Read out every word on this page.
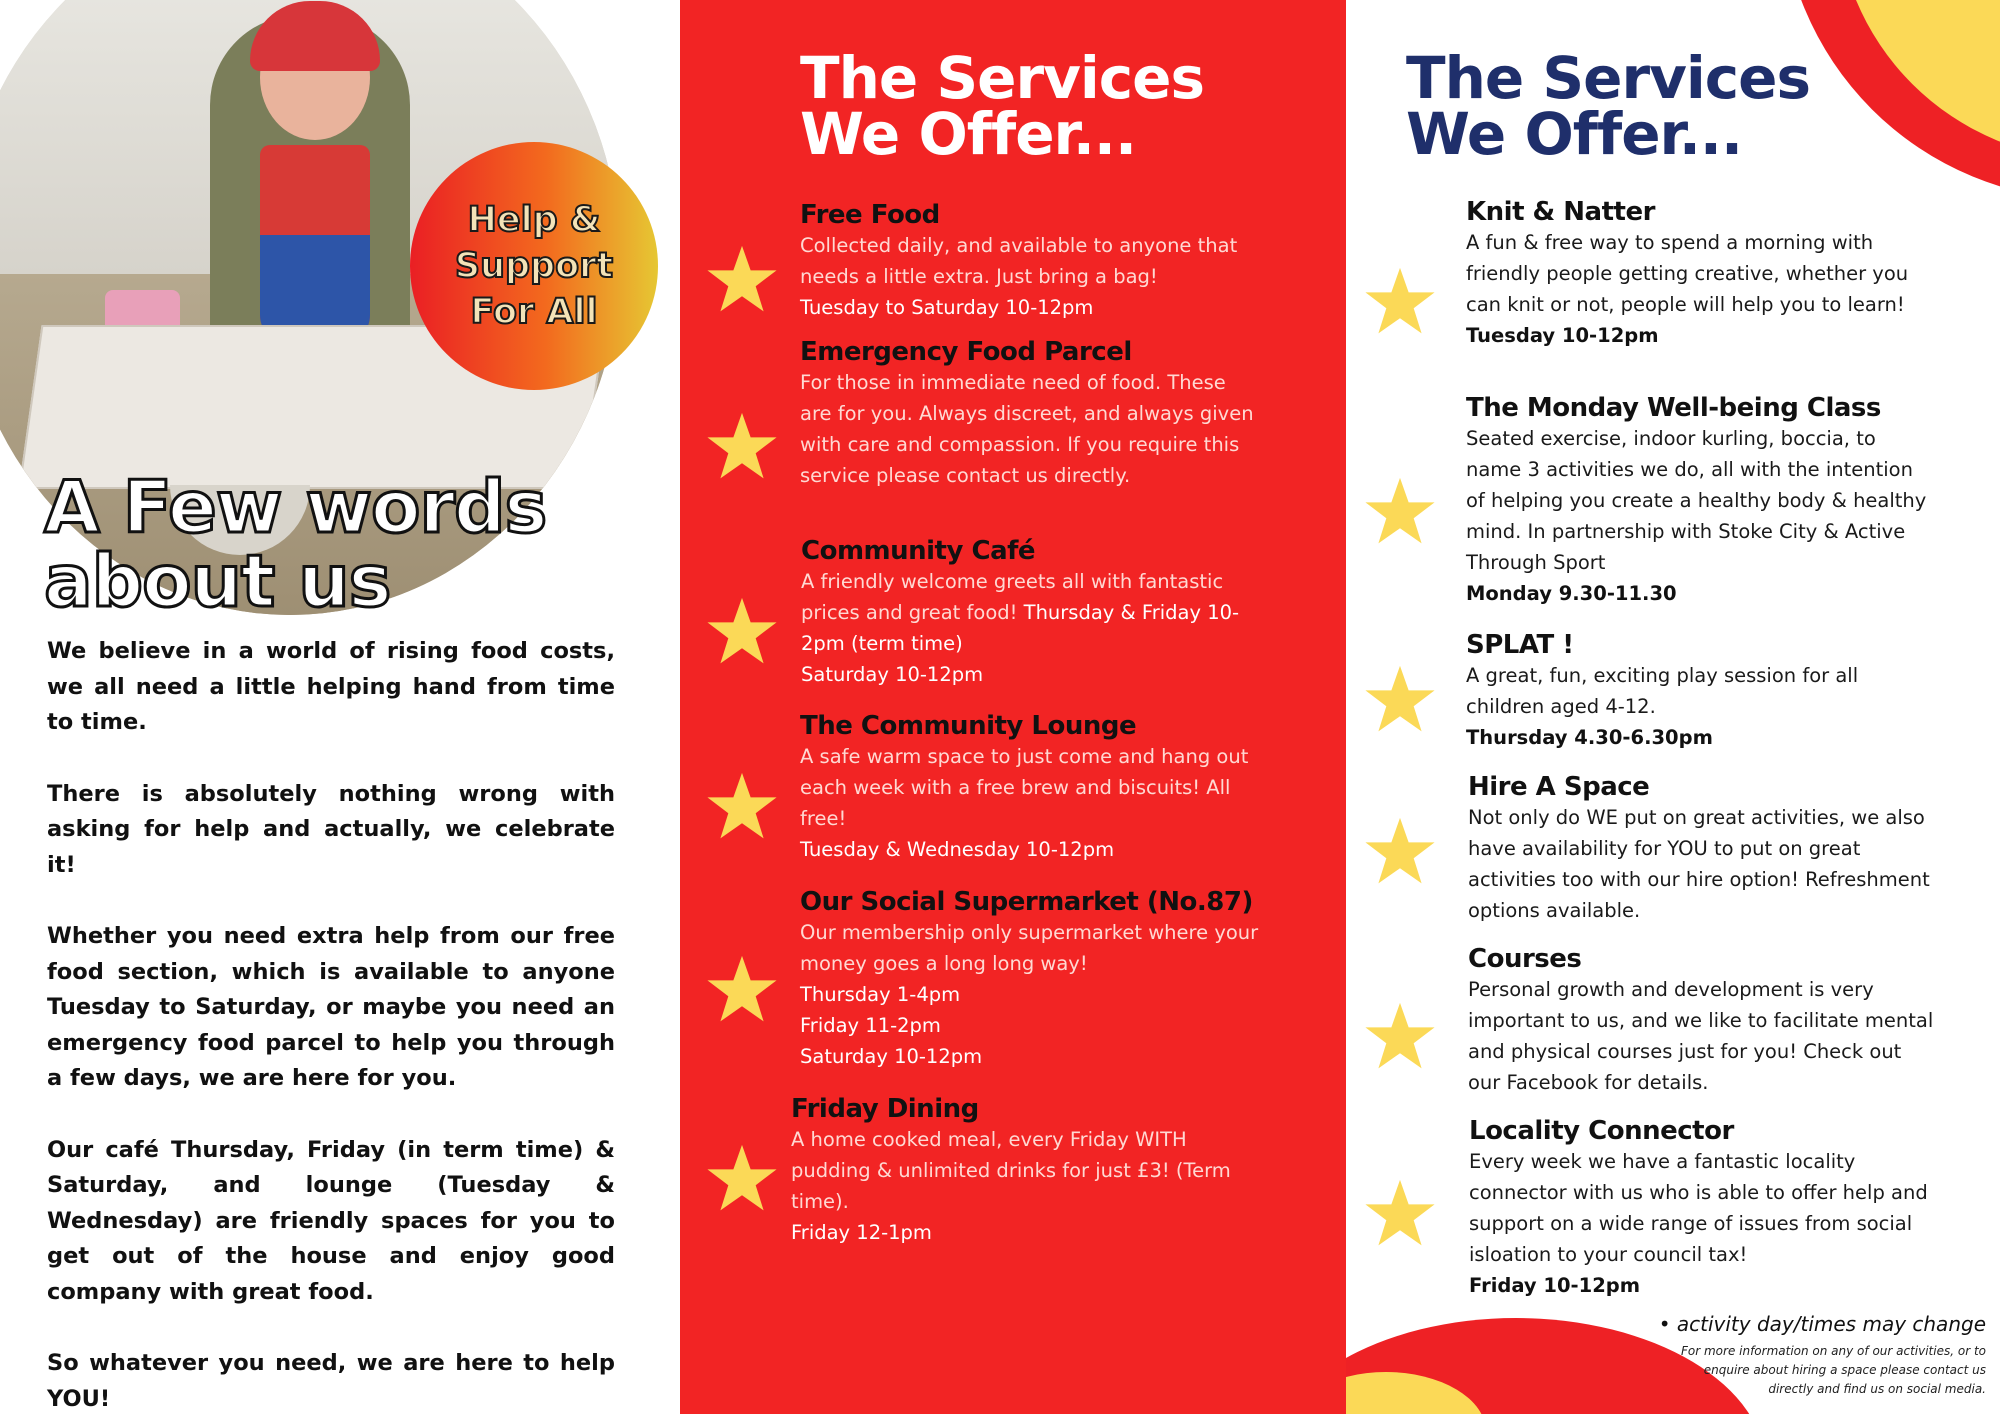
Help &
Support
For All
A Few words
about us

We believe in a world of rising food costs, we all need a little helping hand from time to time.

There is absolutely nothing wrong with asking for help and actually, we celebrate it!

Whether you need extra help from our free food section, which is available to anyone Tuesday to Saturday, or maybe you need an emergency food parcel to help you through a few days, we are here for you.

Our café Thursday, Friday (in term time) & Saturday, and lounge (Tuesday & Wednesday) are friendly spaces for you to get out of the house and enjoy good company with great food.

So whatever you need, we are here to help YOU!

The Services
We Offer...
Free Food
Collected daily, and available to anyone that needs a little extra. Just bring a bag!
Tuesday to Saturday 10-12pm
Emergency Food Parcel
For those in immediate need of food. These are for you. Always discreet, and always given with care and compassion. If you require this service please contact us directly.
Community Café
A friendly welcome greets all with fantastic prices and great food! Thursday & Friday 10-2pm (term time)
Saturday 10-12pm
The Community Lounge
A safe warm space to just come and hang out each week with a free brew and biscuits! All free!
Tuesday & Wednesday 10-12pm
Our Social Supermarket (No.87)
Our membership only supermarket where your money goes a long long way!
Thursday 1-4pm
Friday 11-2pm
Saturday 10-12pm
Friday Dining
A home cooked meal, every Friday WITH pudding & unlimited drinks for just £3! (Term time).
Friday 12-1pm
The Services
We Offer...
Knit & Natter
A fun & free way to spend a morning with friendly people getting creative, whether you can knit or not, people will help you to learn!
Tuesday 10-12pm
The Monday Well-being Class
Seated exercise, indoor kurling, boccia, to name 3 activities we do, all with the intention of helping you create a healthy body & healthy mind. In partnership with Stoke City & Active Through Sport
Monday 9.30-11.30
SPLAT !
A great, fun, exciting play session for all children aged 4-12.
Thursday 4.30-6.30pm
Hire A Space
Not only do WE put on great activities, we also have availability for YOU to put on great activities too with our hire option! Refreshment options available.
Courses
Personal growth and development is very important to us, and we like to facilitate mental and physical courses just for you! Check out our Facebook for details.
Locality Connector
Every week we have a fantastic locality connector with us who is able to offer help and support on a wide range of issues from social isloation to your council tax!
Friday 10-12pm
• activity day/times may change
For more information on any of our activities, or to enquire about hiring a space please contact us directly and find us on social media.
